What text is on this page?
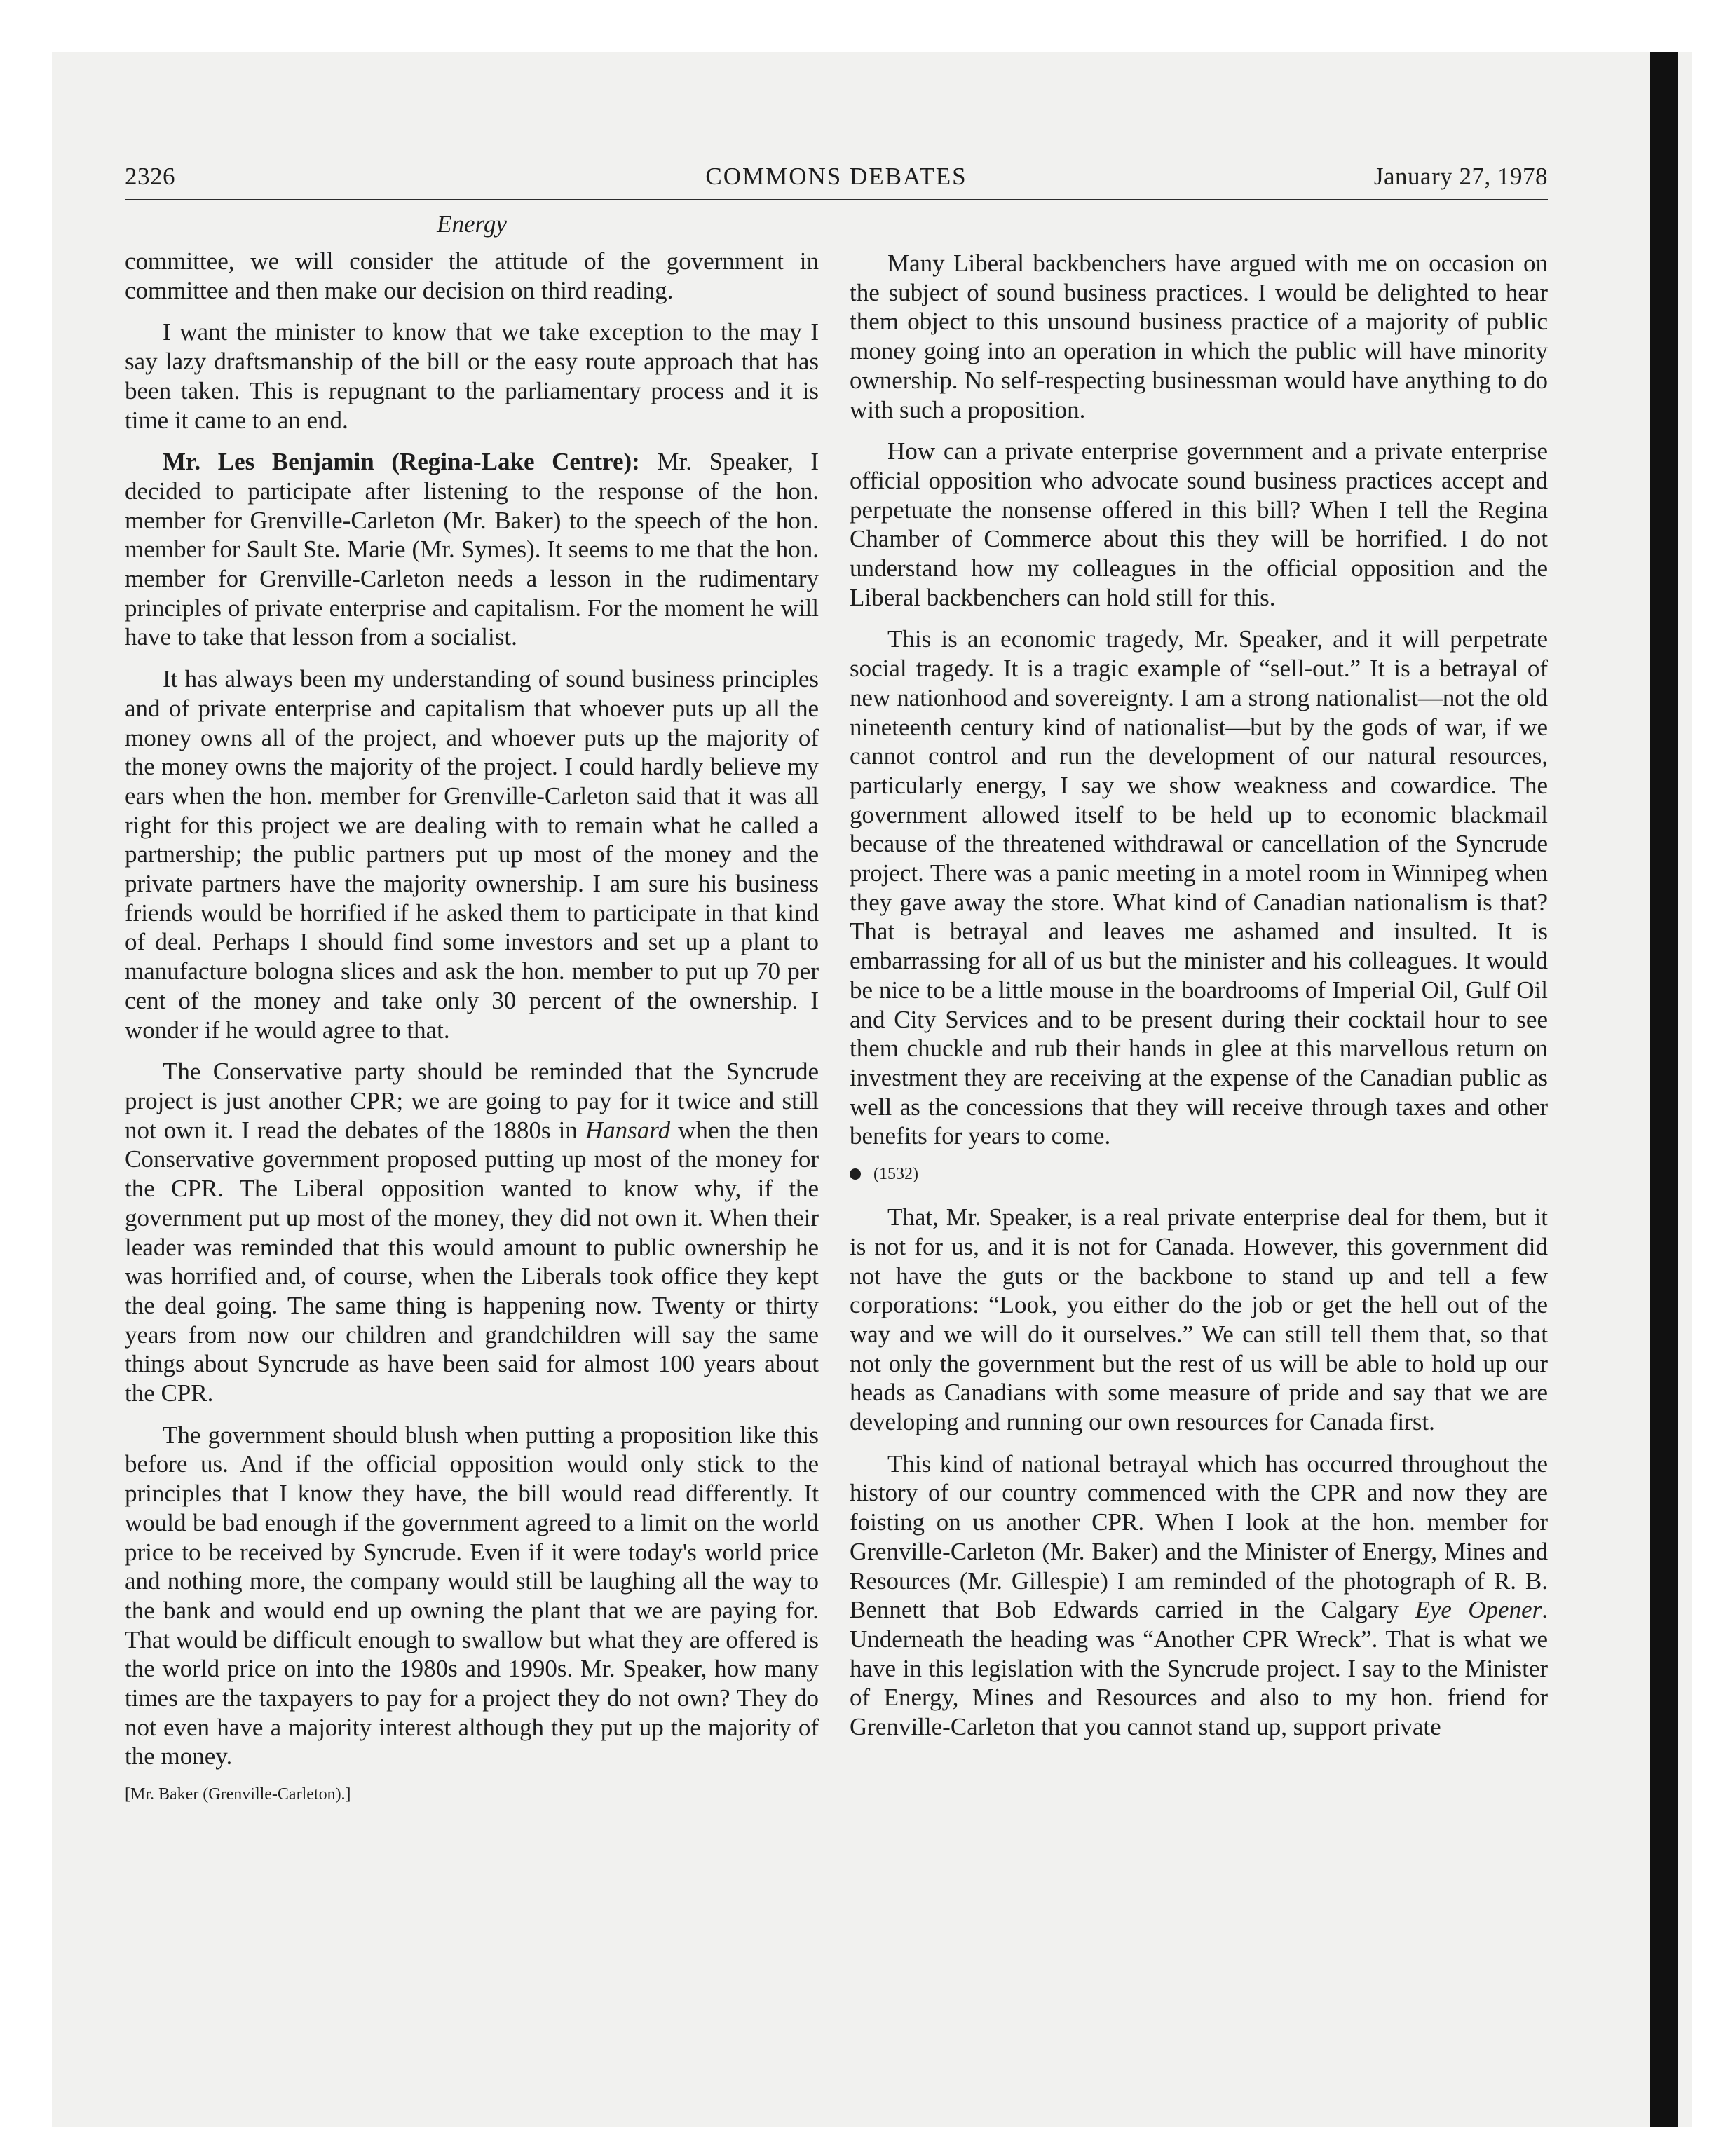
2326	COMMONS DEBATES	January 27, 1978
Energy

committee, we will consider the attitude of the government in committee and then make our decision on third reading.

I want the minister to know that we take exception to the may I say lazy draftsmanship of the bill or the easy route approach that has been taken. This is repugnant to the parliamentary process and it is time it came to an end.

Mr. Les Benjamin (Regina-Lake Centre): Mr. Speaker, I decided to participate after listening to the response of the hon. member for Grenville-Carleton (Mr. Baker) to the speech of the hon. member for Sault Ste. Marie (Mr. Symes). It seems to me that the hon. member for Grenville-Carleton needs a lesson in the rudimentary principles of private enterprise and capitalism. For the moment he will have to take that lesson from a socialist.

It has always been my understanding of sound business principles and of private enterprise and capitalism that whoever puts up all the money owns all of the project, and whoever puts up the majority of the money owns the majority of the project. I could hardly believe my ears when the hon. member for Grenville-Carleton said that it was all right for this project we are dealing with to remain what he called a partnership; the public partners put up most of the money and the private partners have the majority ownership. I am sure his business friends would be horrified if he asked them to participate in that kind of deal. Perhaps I should find some investors and set up a plant to manufacture bologna slices and ask the hon. member to put up 70 per cent of the money and take only 30 percent of the ownership. I wonder if he would agree to that.

The Conservative party should be reminded that the Syncrude project is just another CPR; we are going to pay for it twice and still not own it. I read the debates of the 1880s in Hansard when the then Conservative government proposed putting up most of the money for the CPR. The Liberal opposition wanted to know why, if the government put up most of the money, they did not own it. When their leader was reminded that this would amount to public ownership he was horrified and, of course, when the Liberals took office they kept the deal going. The same thing is happening now. Twenty or thirty years from now our children and grandchildren will say the same things about Syncrude as have been said for almost 100 years about the CPR.

The government should blush when putting a proposition like this before us. And if the official opposition would only stick to the principles that I know they have, the bill would read differently. It would be bad enough if the government agreed to a limit on the world price to be received by Syncrude. Even if it were today's world price and nothing more, the company would still be laughing all the way to the bank and would end up owning the plant that we are paying for. That would be difficult enough to swallow but what they are offered is the world price on into the 1980s and 1990s. Mr. Speaker, how many times are the taxpayers to pay for a project they do not own? They do not even have a majority interest although they put up the majority of the money.

[Mr. Baker (Grenville-Carleton).]

Many Liberal backbenchers have argued with me on occasion on the subject of sound business practices. I would be delighted to hear them object to this unsound business practice of a majority of public money going into an operation in which the public will have minority ownership. No self-respecting businessman would have anything to do with such a proposition.

How can a private enterprise government and a private enterprise official opposition who advocate sound business practices accept and perpetuate the nonsense offered in this bill? When I tell the Regina Chamber of Commerce about this they will be horrified. I do not understand how my colleagues in the official opposition and the Liberal backbenchers can hold still for this.

This is an economic tragedy, Mr. Speaker, and it will perpetrate social tragedy. It is a tragic example of “sell-out.” It is a betrayal of new nationhood and sovereignty. I am a strong nationalist—not the old nineteenth century kind of nationalist—but by the gods of war, if we cannot control and run the development of our natural resources, particularly energy, I say we show weakness and cowardice. The government allowed itself to be held up to economic blackmail because of the threatened withdrawal or cancellation of the Syncrude project. There was a panic meeting in a motel room in Winnipeg when they gave away the store. What kind of Canadian nationalism is that? That is betrayal and leaves me ashamed and insulted. It is embarrassing for all of us but the minister and his colleagues. It would be nice to be a little mouse in the boardrooms of Imperial Oil, Gulf Oil and City Services and to be present during their cocktail hour to see them chuckle and rub their hands in glee at this marvellous return on investment they are receiving at the expense of the Canadian public as well as the concessions that they will receive through taxes and other benefits for years to come.

(1532)

That, Mr. Speaker, is a real private enterprise deal for them, but it is not for us, and it is not for Canada. However, this government did not have the guts or the backbone to stand up and tell a few corporations: “Look, you either do the job or get the hell out of the way and we will do it ourselves.” We can still tell them that, so that not only the government but the rest of us will be able to hold up our heads as Canadians with some measure of pride and say that we are developing and running our own resources for Canada first.

This kind of national betrayal which has occurred throughout the history of our country commenced with the CPR and now they are foisting on us another CPR. When I look at the hon. member for Grenville-Carleton (Mr. Baker) and the Minister of Energy, Mines and Resources (Mr. Gillespie) I am reminded of the photograph of R. B. Bennett that Bob Edwards carried in the Calgary Eye Opener. Underneath the heading was “Another CPR Wreck”. That is what we have in this legislation with the Syncrude project. I say to the Minister of Energy, Mines and Resources and also to my hon. friend for Grenville-Carleton that you cannot stand up, support private
